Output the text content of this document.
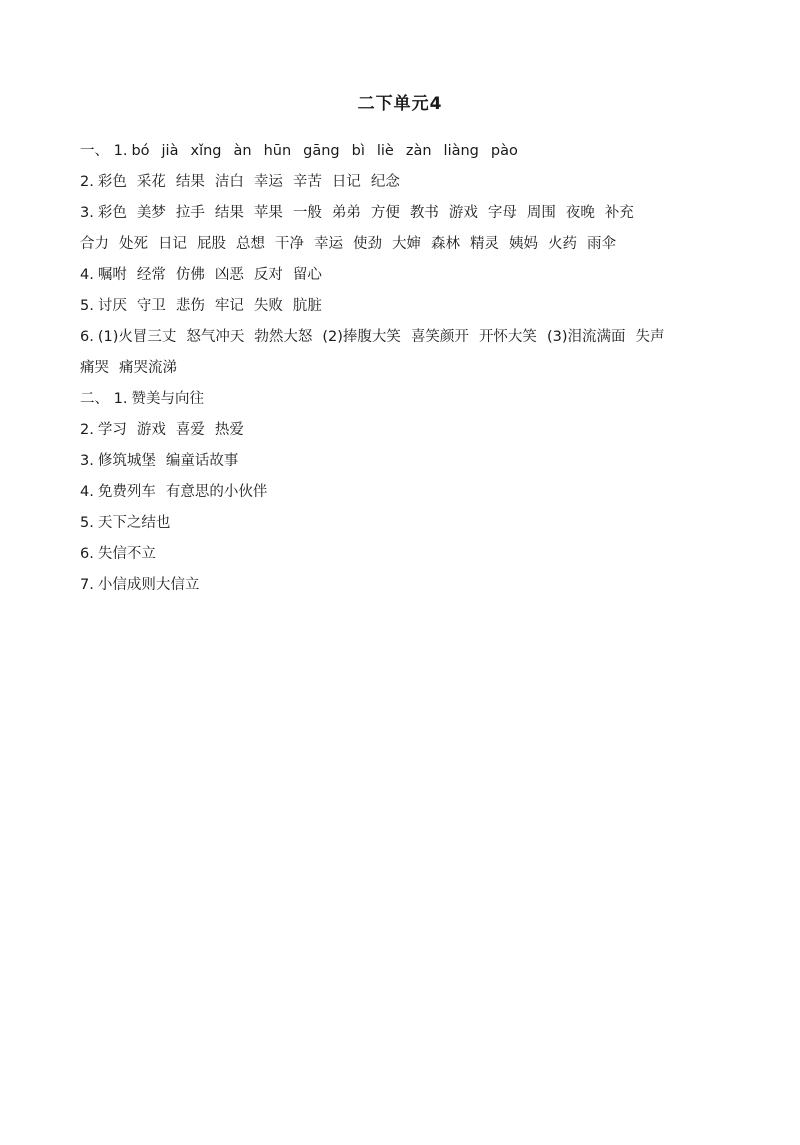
二下单元4
一、 1. bó jià xǐng àn hūn gāng bì liè zàn liàng pào
2. 彩色 采花 结果 洁白 幸运 辛苦 日记 纪念
3. 彩色 美梦 拉手 结果 苹果 一般 弟弟 方便 教书 游戏 字母 周围 夜晚 补充
合力 处死 日记 屁股 总想 干净 幸运 使劲 大婶 森林 精灵 姨妈 火药 雨伞
4. 嘱咐 经常 仿佛 凶恶 反对 留心
5. 讨厌 守卫 悲伤 牢记 失败 肮脏
6. (1)火冒三丈 怒气冲天 勃然大怒 (2)捧腹大笑 喜笑颜开 开怀大笑 (3)泪流满面 失声
痛哭 痛哭流涕
二、 1. 赞美与向往
2. 学习 游戏 喜爱 热爱
3. 修筑城堡 编童话故事
4. 免费列车 有意思的小伙伴
5. 天下之结也
6. 失信不立
7. 小信成则大信立
